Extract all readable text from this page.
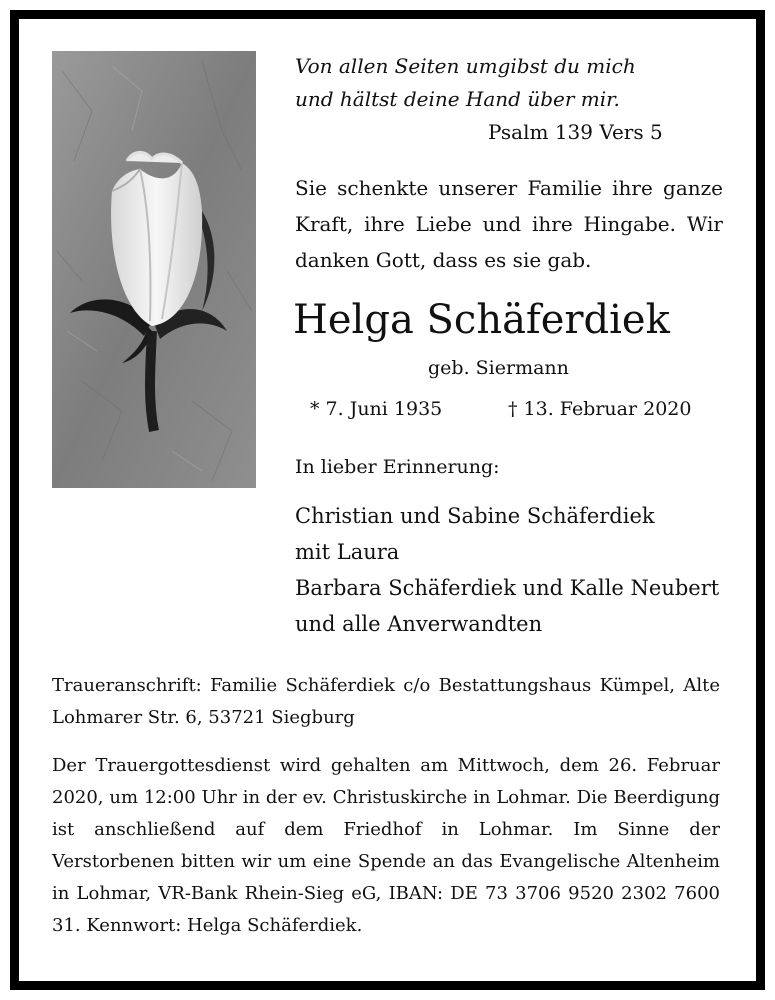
Von allen Seiten umgibst du mich
und hältst deine Hand über mir.
Psalm 139 Vers 5
Sie schenkte unserer Familie ihre ganze Kraft, ihre Liebe und ihre Hingabe. Wir danken Gott, dass es sie gab.
Helga Schäferdiek
geb. Siermann
* 7. Juni 1935	† 13. Februar 2020
In lieber Erinnerung:
Christian und Sabine Schäferdiek
mit Laura
Barbara Schäferdiek und Kalle Neubert
und alle Anverwandten
Traueranschrift: Familie Schäferdiek c/o Bestattungshaus Kümpel, Alte Lohmarer Str. 6, 53721 Siegburg
Der Trauergottesdienst wird gehalten am Mittwoch, dem 26. Februar 2020, um 12:00 Uhr in der ev. Christuskirche in Lohmar. Die Beerdigung ist anschließend auf dem Friedhof in Lohmar. Im Sinne der Verstorbenen bitten wir um eine Spende an das Evangelische Altenheim in Lohmar, VR-Bank Rhein-Sieg eG, IBAN: DE 73 3706 9520 2302 7600 31. Kennwort: Helga Schäferdiek.
